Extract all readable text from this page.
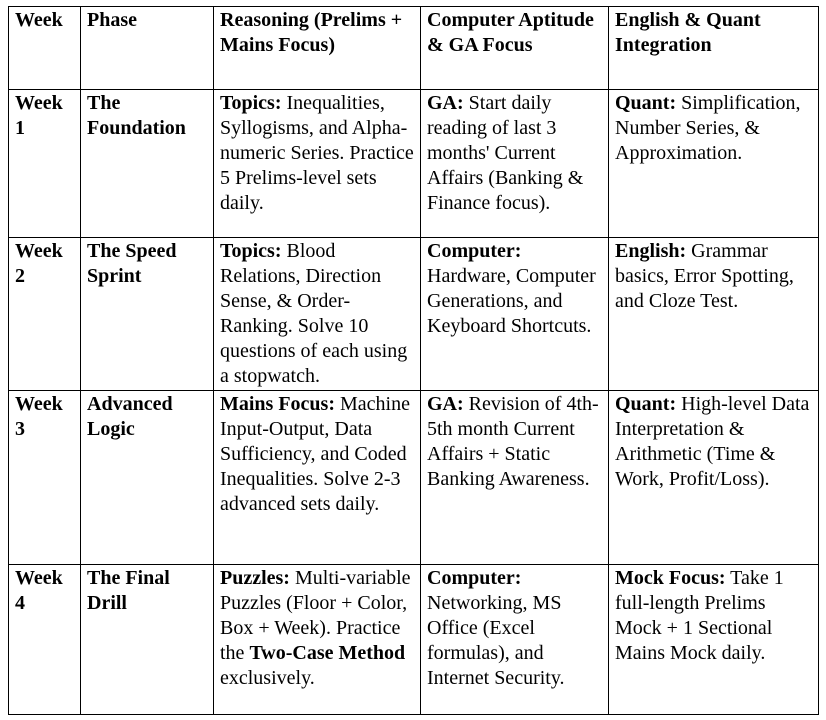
Week	Phase	Reasoning (Prelims + Mains Focus)	Computer Aptitude & GA Focus	English & Quant Integration
Week 1	The Foundation	Topics: Inequalities, Syllogisms, and Alpha-numeric Series. Practice 5 Prelims-level sets daily.	GA: Start daily reading of last 3 months' Current Affairs (Banking & Finance focus).	Quant: Simplification, Number Series, & Approximation.
Week 2	The Speed Sprint	Topics: Blood Relations, Direction Sense, & Order-Ranking. Solve 10 questions of each using a stopwatch.	Computer: Hardware, Computer Generations, and Keyboard Shortcuts.	English: Grammar basics, Error Spotting, and Cloze Test.
Week 3	Advanced Logic	Mains Focus: Machine Input-Output, Data Sufficiency, and Coded Inequalities. Solve 2-3 advanced sets daily.	GA: Revision of 4th-5th month Current Affairs + Static Banking Awareness.	Quant: High-level Data Interpretation & Arithmetic (Time & Work, Profit/Loss).
Week 4	The Final Drill	Puzzles: Multi-variable Puzzles (Floor + Color, Box + Week). Practice the Two-Case Method exclusively.	Computer: Networking, MS Office (Excel formulas), and Internet Security.	Mock Focus: Take 1 full-length Prelims Mock + 1 Sectional Mains Mock daily.
